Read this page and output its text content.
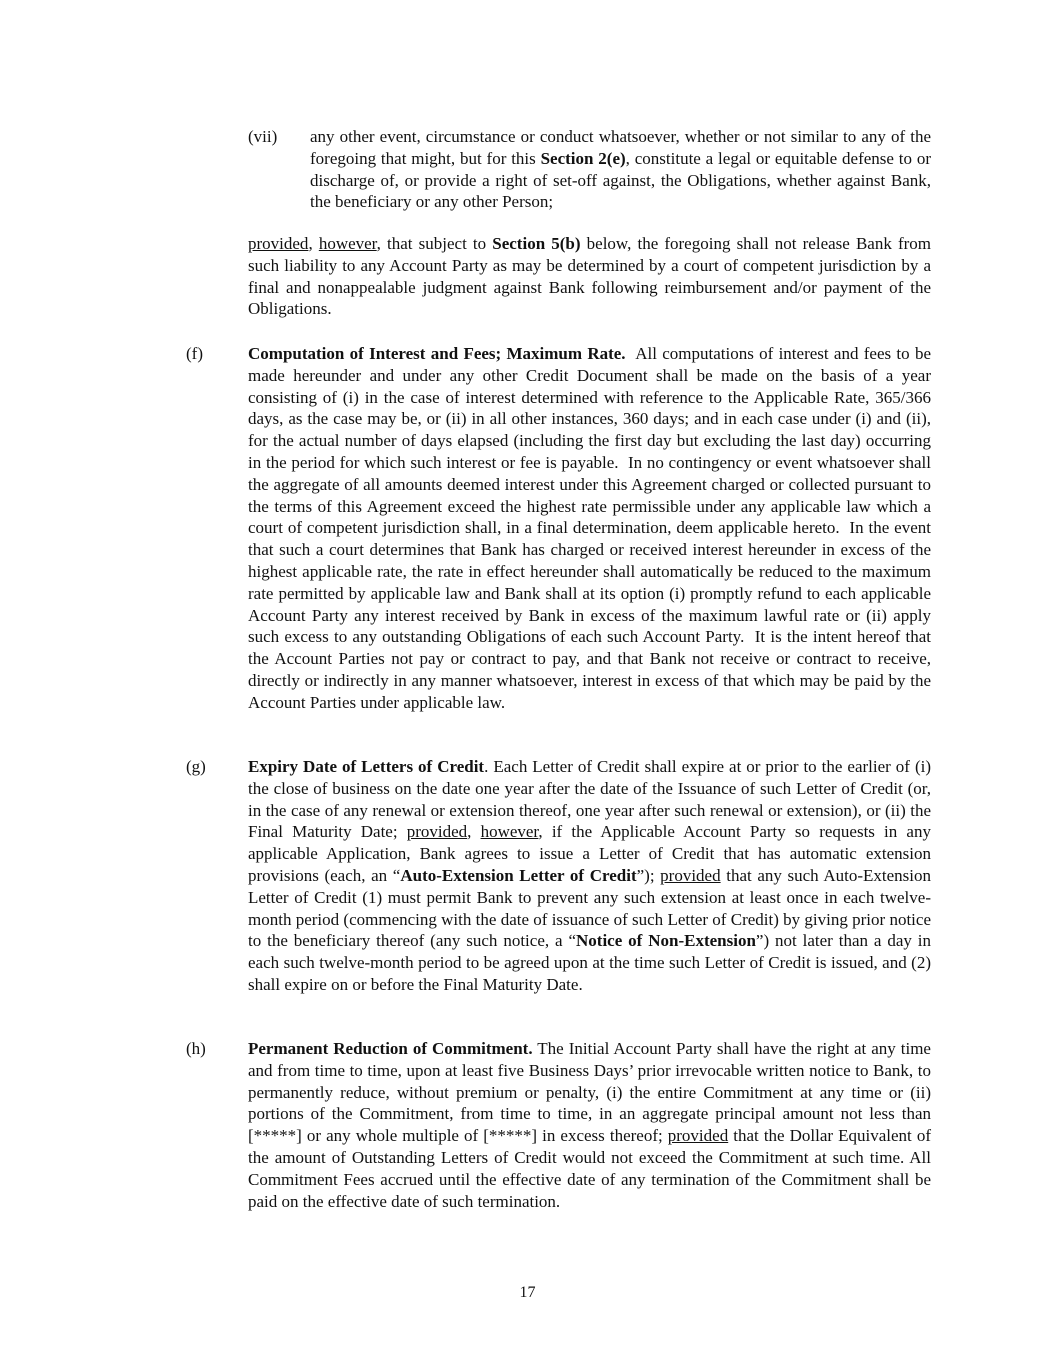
(vii) any other event, circumstance or conduct whatsoever, whether or not similar to any of the foregoing that might, but for this Section 2(e), constitute a legal or equitable defense to or discharge of, or provide a right of set-off against, the Obligations, whether against Bank, the beneficiary or any other Person;
provided, however, that subject to Section 5(b) below, the foregoing shall not release Bank from such liability to any Account Party as may be determined by a court of competent jurisdiction by a final and nonappealable judgment against Bank following reimbursement and/or payment of the Obligations.
(f)	Computation of Interest and Fees; Maximum Rate.  All computations of interest and fees to be made hereunder and under any other Credit Document shall be made on the basis of a year consisting of (i) in the case of interest determined with reference to the Applicable Rate, 365/366 days, as the case may be, or (ii) in all other instances, 360 days; and in each case under (i) and (ii), for the actual number of days elapsed (including the first day but excluding the last day) occurring in the period for which such interest or fee is payable.  In no contingency or event whatsoever shall the aggregate of all amounts deemed interest under this Agreement charged or collected pursuant to the terms of this Agreement exceed the highest rate permissible under any applicable law which a court of competent jurisdiction shall, in a final determination, deem applicable hereto.  In the event that such a court determines that Bank has charged or received interest hereunder in excess of the highest applicable rate, the rate in effect hereunder shall automatically be reduced to the maximum rate permitted by applicable law and Bank shall at its option (i) promptly refund to each applicable Account Party any interest received by Bank in excess of the maximum lawful rate or (ii) apply such excess to any outstanding Obligations of each such Account Party.  It is the intent hereof that the Account Parties not pay or contract to pay, and that Bank not receive or contract to receive, directly or indirectly in any manner whatsoever, interest in excess of that which may be paid by the Account Parties under applicable law.
(g) Expiry Date of Letters of Credit. Each Letter of Credit shall expire at or prior to the earlier of (i) the close of business on the date one year after the date of the Issuance of such Letter of Credit (or, in the case of any renewal or extension thereof, one year after such renewal or extension), or (ii) the Final Maturity Date; provided, however, if the Applicable Account Party so requests in any applicable Application, Bank agrees to issue a Letter of Credit that has automatic extension provisions (each, an “Auto-Extension Letter of Credit”); provided that any such Auto-Extension Letter of Credit (1) must permit Bank to prevent any such extension at least once in each twelve-month period (commencing with the date of issuance of such Letter of Credit) by giving prior notice to the beneficiary thereof (any such notice, a “Notice of Non-Extension”) not later than a day in each such twelve-month period to be agreed upon at the time such Letter of Credit is issued, and (2) shall expire on or before the Final Maturity Date.
(h) Permanent Reduction of Commitment. The Initial Account Party shall have the right at any time and from time to time, upon at least five Business Days’ prior irrevocable written notice to Bank, to permanently reduce, without premium or penalty, (i) the entire Commitment at any time or (ii) portions of the Commitment, from time to time, in an aggregate principal amount not less than [*****] or any whole multiple of [*****] in excess thereof; provided that the Dollar Equivalent of the amount of Outstanding Letters of Credit would not exceed the Commitment at such time. All Commitment Fees accrued until the effective date of any termination of the Commitment shall be paid on the effective date of such termination.
17
